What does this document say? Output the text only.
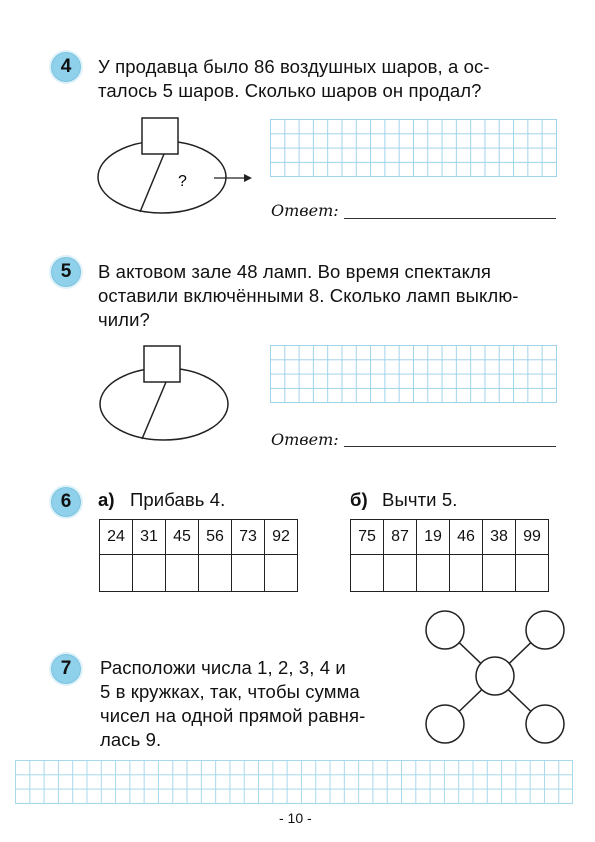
4	У продавца было 86 воздушных шаров, а ос-
талось 5 шаров. Сколько шаров он продал?
?
Ответ:
5	В актовом зале 48 ламп. Во время спектакля
оставили включёнными 8. Сколько ламп выклю-
чили?
Ответ:
6	а) Прибавь 4.
24	31	45	56	73	92

б) Вычти 5.
75	87	19	46	38	99

7	Расположи числа 1, 2, 3, 4 и
5 в кружках, так, чтобы сумма
чисел на одной прямой равня-
лась 9.
- 10 -
